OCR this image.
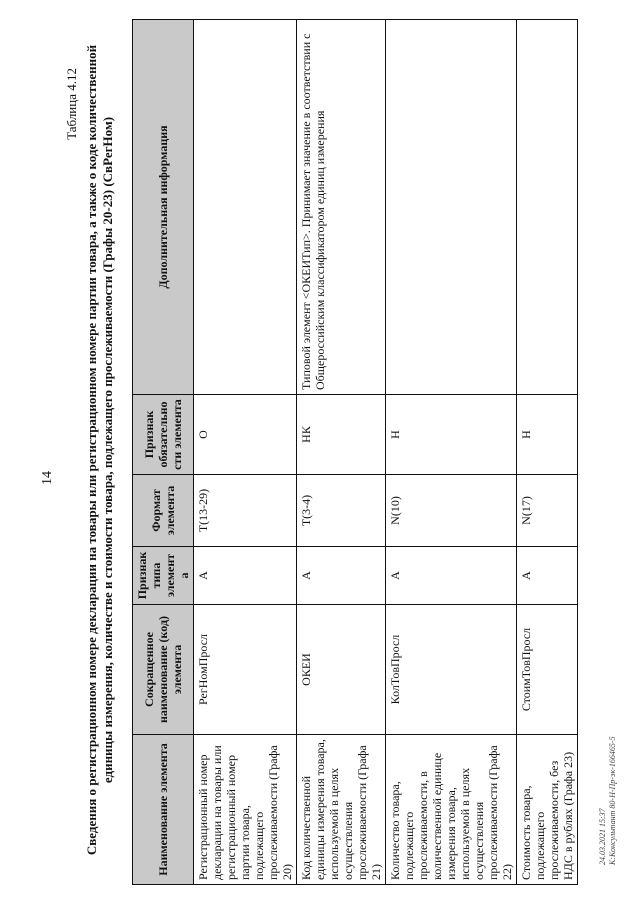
14
Таблица 4.12 Сведения о регистрационном номере декларации на товары или регистрационном номере партии товара, а также о коде количественной единицы измерения, количестве и стоимости товара, подлежащего прослеживаемости (Графы 20-23) (СвРегНом)
Наименование элемента	Сокращенное наименование (код) элемента	Признак типа элемента	Формат элемента	Признак обязательности элемента	Дополнительная информация
Регистрационный номер декларации на товары или регистрационный номер партии товара, подлежащего прослеживаемости (Графа 20)	РегНомПросл	А	T(13-29)	О	
Код количественной единицы измерения товара, используемой в целях осуществления прослеживаемости (Графа 21)	ОКЕИ	А	T(3-4)	НК	Типовой элемент <ОКЕИТип>. Принимает значение в соответствии с Общероссийским классификатором единиц измерения
Количество товара, подлежащего прослеживаемости, в количественной единице измерения товара, используемой в целях осуществления прослеживаемости (Графа 22)	КолТовПросл	А	N(10)	Н	
Стоимость товара, подлежащего прослеживаемости, без НДС в рублях (Графа 23)	СтоимТовПросл	А	N(17)	Н	
24.03.2021 15:37 К:Консультант 80-Н-Пр-эк-166465-5
